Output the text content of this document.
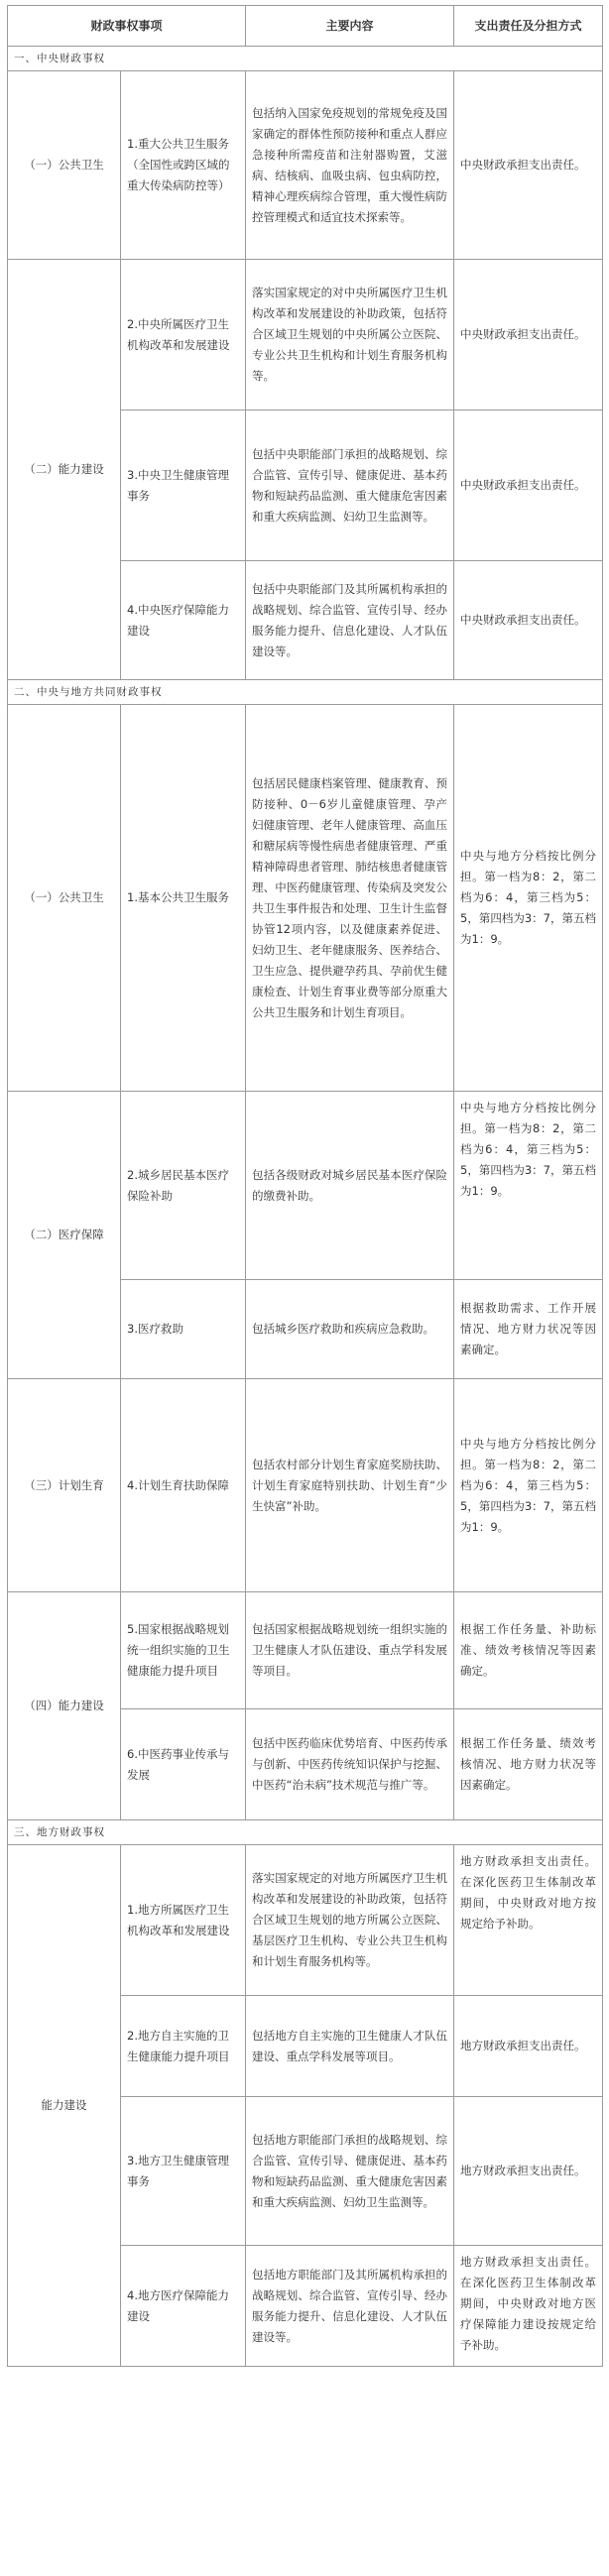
财政事权事项		主要内容	支出责任及分担方式
一、中央财政事权			
（一）公共卫生	1.重大公共卫生服务（全国性或跨区域的重大传染病防控等）	包括纳入国家免疫规划的常规免疫及国家确定的群体性预防接种和重点人群应急接种所需疫苗和注射器购置，艾滋病、结核病、血吸虫病、包虫病防控，精神心理疾病综合管理，重大慢性病防控管理模式和适宜技术探索等。	中央财政承担支出责任。
（二）能力建设	2.中央所属医疗卫生机构改革和发展建设	落实国家规定的对中央所属医疗卫生机构改革和发展建设的补助政策，包括符合区域卫生规划的中央所属公立医院、专业公共卫生机构和计划生育服务机构等。	中央财政承担支出责任。
	3.中央卫生健康管理事务	包括中央职能部门承担的战略规划、综合监管、宣传引导、健康促进、基本药物和短缺药品监测、重大健康危害因素和重大疾病监测、妇幼卫生监测等。	中央财政承担支出责任。
	4.中央医疗保障能力建设	包括中央职能部门及其所属机构承担的战略规划、综合监管、宣传引导、经办服务能力提升、信息化建设、人才队伍建设等。	中央财政承担支出责任。
二、中央与地方共同财政事权			
（一）公共卫生	1.基本公共卫生服务	包括居民健康档案管理、健康教育、预防接种、0－6岁儿童健康管理、孕产妇健康管理、老年人健康管理、高血压和糖尿病等慢性病患者健康管理、严重精神障碍患者管理、肺结核患者健康管理、中医药健康管理、传染病及突发公共卫生事件报告和处理、卫生计生监督协管12项内容，以及健康素养促进、妇幼卫生、老年健康服务、医养结合、卫生应急、提供避孕药具、孕前优生健康检查、计划生育事业费等部分原重大公共卫生服务和计划生育项目。	中央与地方分档按比例分担。第一档为8：2，第二档为6：4，第三档为5：5，第四档为3：7，第五档为1：9。
（二）医疗保障	2.城乡居民基本医疗保险补助	包括各级财政对城乡居民基本医疗保险的缴费补助。	中央与地方分档按比例分担。第一档为8：2，第二档为6：4，第三档为5：5，第四档为3：7，第五档为1：9。
	3.医疗救助	包括城乡医疗救助和疾病应急救助。	根据救助需求、工作开展情况、地方财力状况等因素确定。
（三）计划生育	4.计划生育扶助保障	包括农村部分计划生育家庭奖励扶助、计划生育家庭特别扶助、计划生育“少生快富”补助。	中央与地方分档按比例分担。第一档为8：2，第二档为6：4，第三档为5：5，第四档为3：7，第五档为1：9。
（四）能力建设	5.国家根据战略规划统一组织实施的卫生健康能力提升项目	包括国家根据战略规划统一组织实施的卫生健康人才队伍建设、重点学科发展等项目。	根据工作任务量、补助标准、绩效考核情况等因素确定。
	6.中医药事业传承与发展	包括中医药临床优势培育、中医药传承与创新、中医药传统知识保护与挖掘、中医药“治未病”技术规范与推广等。	根据工作任务量、绩效考核情况、地方财力状况等因素确定。
三、地方财政事权			
能力建设	1.地方所属医疗卫生机构改革和发展建设	落实国家规定的对地方所属医疗卫生机构改革和发展建设的补助政策，包括符合区域卫生规划的地方所属公立医院、基层医疗卫生机构、专业公共卫生机构和计划生育服务机构等。	地方财政承担支出责任。在深化医药卫生体制改革期间，中央财政对地方按规定给予补助。
	2.地方自主实施的卫生健康能力提升项目	包括地方自主实施的卫生健康人才队伍建设、重点学科发展等项目。	地方财政承担支出责任。
	3.地方卫生健康管理事务	包括地方职能部门承担的战略规划、综合监管、宣传引导、健康促进、基本药物和短缺药品监测、重大健康危害因素和重大疾病监测、妇幼卫生监测等。	地方财政承担支出责任。
	4.地方医疗保障能力建设	包括地方职能部门及其所属机构承担的战略规划、综合监管、宣传引导、经办服务能力提升、信息化建设、人才队伍建设等。	地方财政承担支出责任。在深化医药卫生体制改革期间，中央财政对地方医疗保障能力建设按规定给予补助。
